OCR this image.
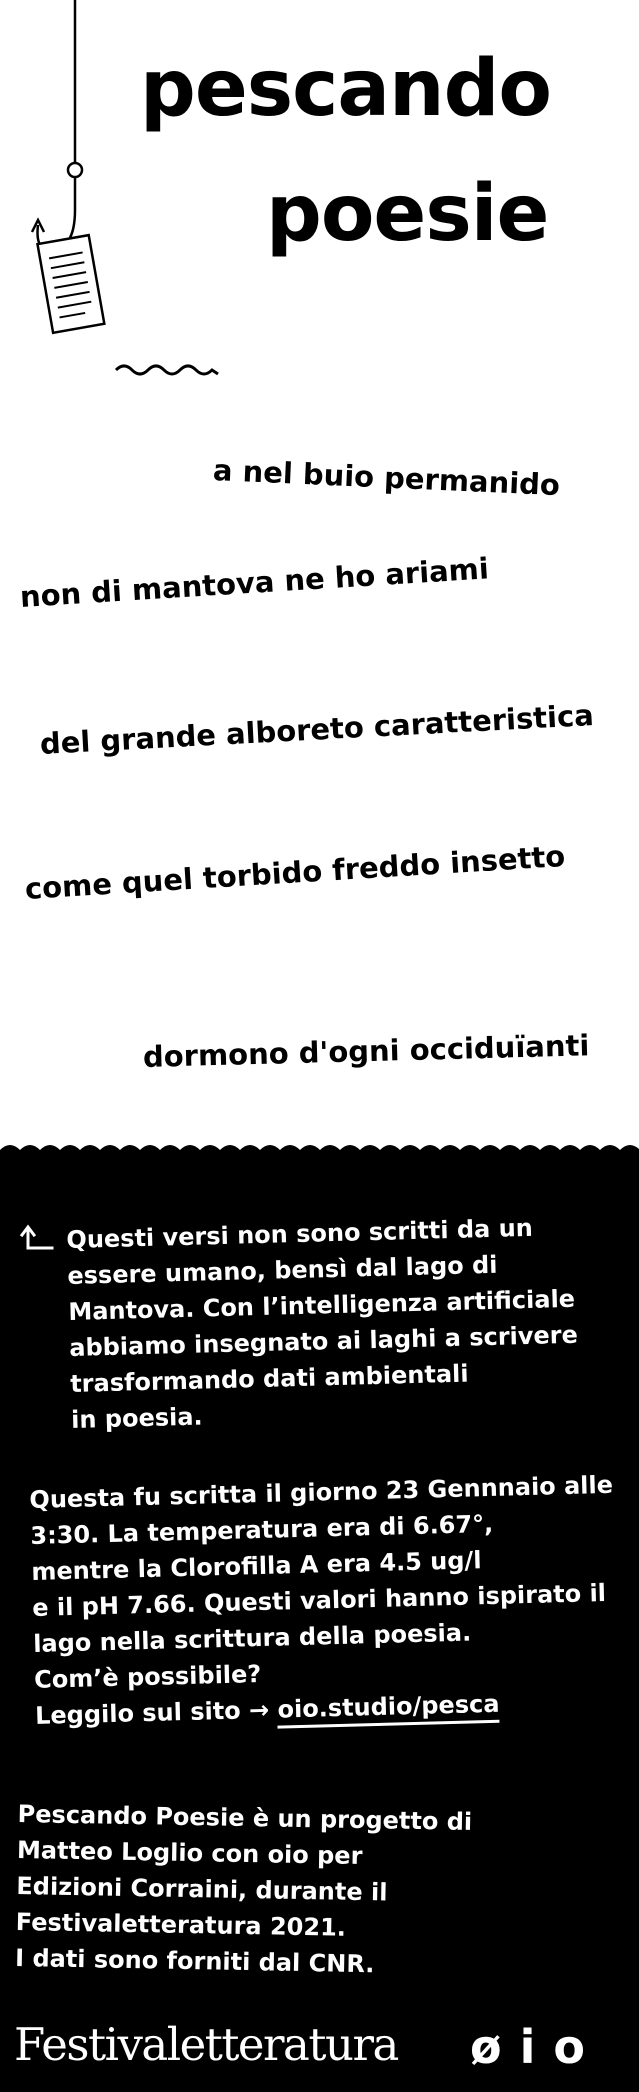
pescando
poesie
a nel buio permanido
non di mantova ne ho ariami
del grande alboreto caratteristica
come quel torbido freddo insetto
dormono d'ogni occiduïanti
Questi versi non sono scritti da un
essere umano, bensì dal lago di
Mantova. Con l’intelligenza artificiale
abbiamo insegnato ai laghi a scrivere
trasformando dati ambientali
in poesia.
Questa fu scritta il giorno 23 Gennnaio alle
3:30. La temperatura era di 6.67°,
mentre la Clorofilla A era 4.5 ug/l
e il pH 7.66. Questi valori hanno ispirato il
lago nella scrittura della poesia.
Com’è possibile?
Leggilo sul sito → oio.studio/pesca
Pescando Poesie è un progetto di
Matteo Loglio con oio per
Edizioni Corraini, durante il
Festivaletteratura 2021.
I dati sono forniti dal CNR.
Festivaletteratura øio
